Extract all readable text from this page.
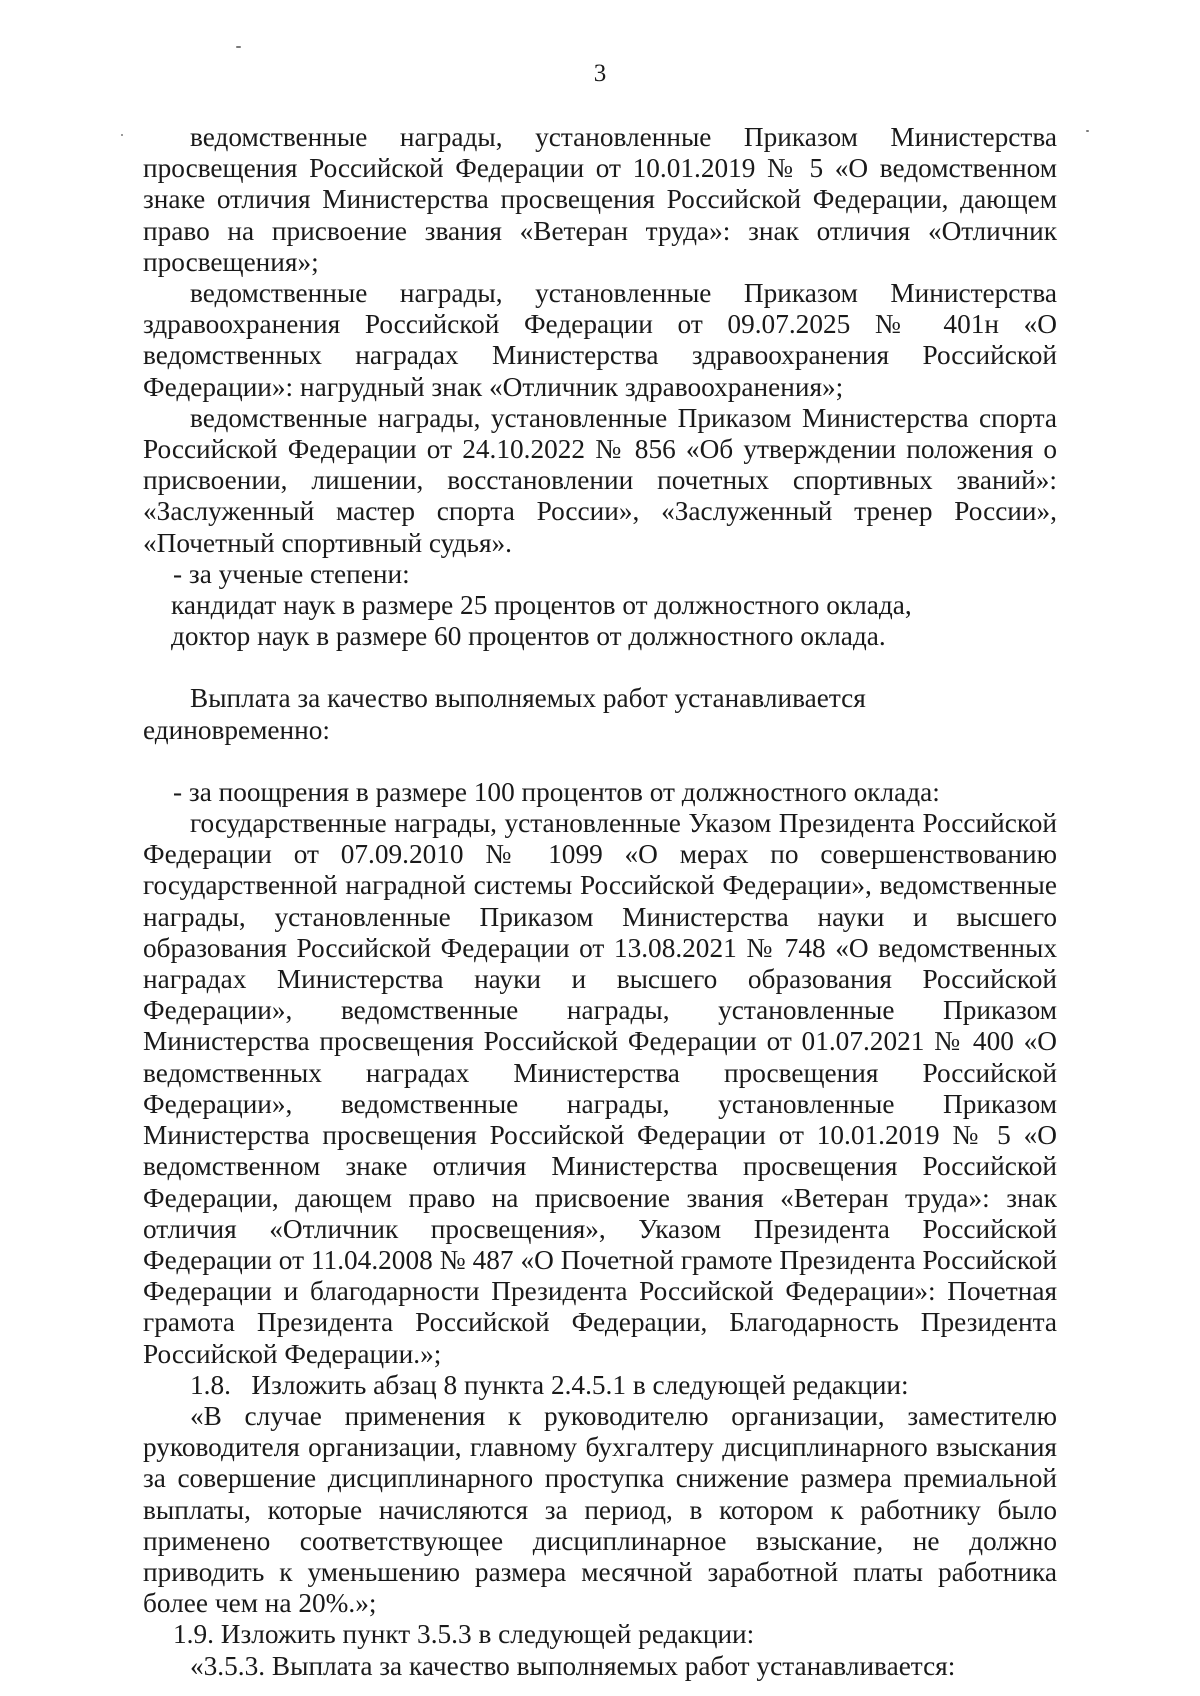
3

ведомственные награды, установленные Приказом Министерства просвещения Российской Федерации от 10.01.2019 № 5 «О ведомственном знаке отличия Министерства просвещения Российской Федерации, дающем право на присвоение звания «Ветеран труда»: знак отличия «Отличник просвещения»;

ведомственные награды, установленные Приказом Министерства здравоохранения Российской Федерации от 09.07.2025 № 401н «О ведомственных наградах Министерства здравоохранения Российской Федерации»: нагрудный знак «Отличник здравоохранения»;

ведомственные награды, установленные Приказом Министерства спорта Российской Федерации от 24.10.2022 № 856 «Об утверждении положения о присвоении, лишении, восстановлении почетных спортивных званий»: «Заслуженный мастер спорта России», «Заслуженный тренер России», «Почетный спортивный судья».

- за ученые степени:

кандидат наук в размере 25 процентов от должностного оклада,

доктор наук в размере 60 процентов от должностного оклада.

Выплата за качество выполняемых работ устанавливается единовременно:

- за поощрения в размере 100 процентов от должностного оклада:

государственные награды, установленные Указом Президента Российской Федерации от 07.09.2010 № 1099 «О мерах по совершенствованию государственной наградной системы Российской Федерации», ведомственные награды, установленные Приказом Министерства науки и высшего образования Российской Федерации от 13.08.2021 № 748 «О ведомственных наградах Министерства науки и высшего образования Российской Федерации», ведомственные награды, установленные Приказом Министерства просвещения Российской Федерации от 01.07.2021 № 400 «О ведомственных наградах Министерства просвещения Российской Федерации», ведомственные награды, установленные Приказом Министерства просвещения Российской Федерации от 10.01.2019 № 5 «О ведомственном знаке отличия Министерства просвещения Российской Федерации, дающем право на присвоение звания «Ветеран труда»: знак отличия «Отличник просвещения», Указом Президента Российской Федерации от 11.04.2008 № 487 «О Почетной грамоте Президента Российской Федерации и благодарности Президента Российской Федерации»: Почетная грамота Президента Российской Федерации, Благодарность Президента Российской Федерации.»;

1.8.   Изложить абзац 8 пункта 2.4.5.1 в следующей редакции:

«В случае применения к руководителю организации, заместителю руководителя организации, главному бухгалтеру дисциплинарного взыскания за совершение дисциплинарного проступка снижение размера премиальной выплаты, которые начисляются за период, в котором к работнику было применено соответствующее дисциплинарное взыскание, не должно приводить к уменьшению размера месячной заработной платы работника более чем на 20%.»;

1.9. Изложить пункт 3.5.3 в следующей редакции:

«3.5.3. Выплата за качество выполняемых работ устанавливается:
